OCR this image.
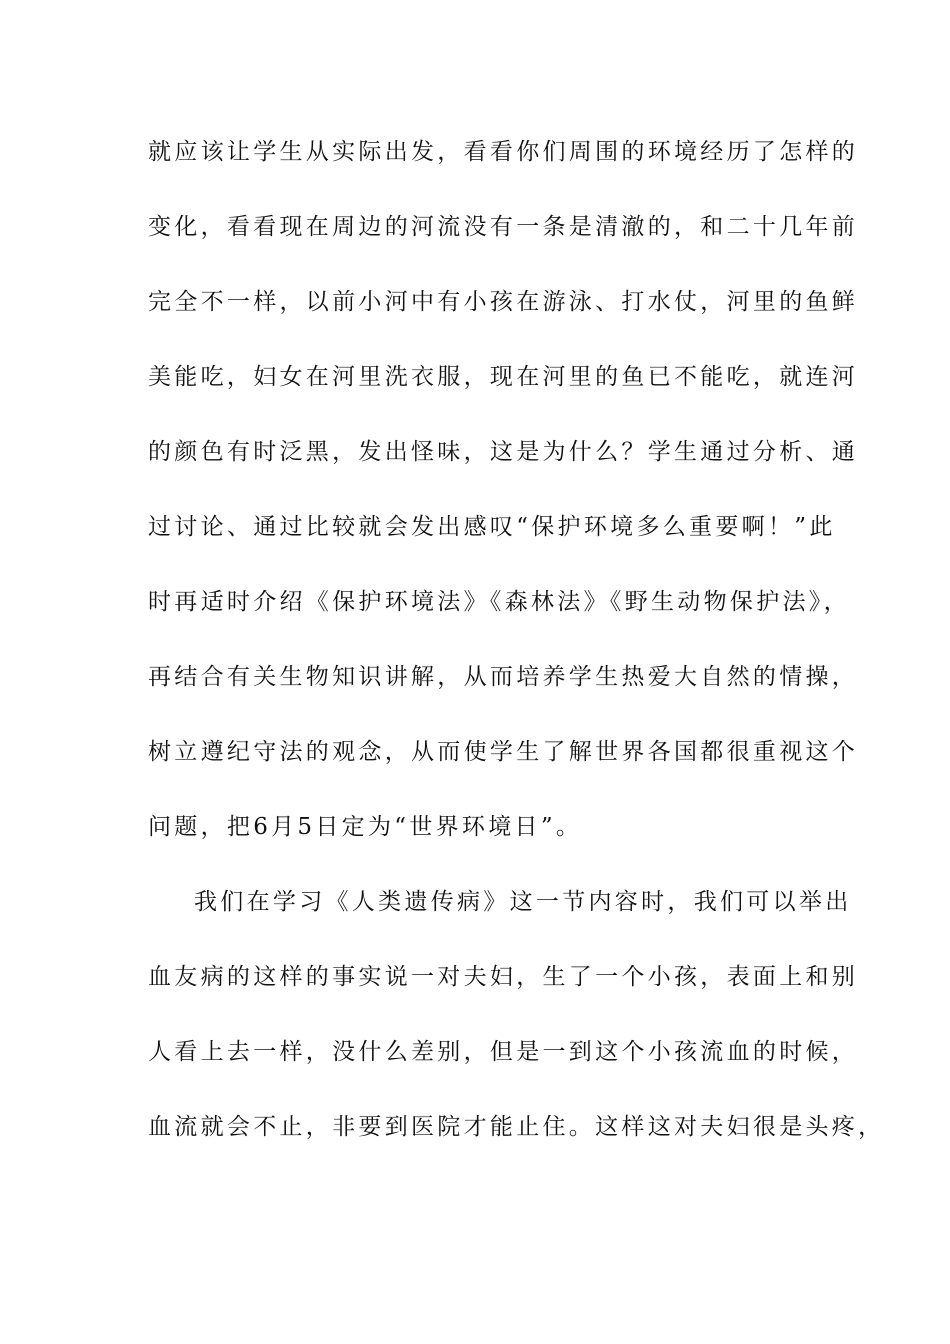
就应该让学生从实际出发，看看你们周围的环境经历了怎样的
变化，看看现在周边的河流没有一条是清澈的，和二十几年前
完全不一样，以前小河中有小孩在游泳、打水仗，河里的鱼鲜
美能吃，妇女在河里洗衣服，现在河里的鱼已不能吃，就连河
的颜色有时泛黑，发出怪味，这是为什么？学生通过分析、通
过讨论、通过比较就会发出感叹“保护环境多么重要啊！”此
时再适时介绍《保护环境法》《森林法》《野生动物保护法》，
再结合有关生物知识讲解，从而培养学生热爱大自然的情操，
树立遵纪守法的观念，从而使学生了解世界各国都很重视这个
问题，把6月5日定为“世界环境日”。
我们在学习《人类遗传病》这一节内容时，我们可以举出
血友病的这样的事实说一对夫妇，生了一个小孩，表面上和别
人看上去一样，没什么差别，但是一到这个小孩流血的时候，
血流就会不止，非要到医院才能止住。这样这对夫妇很是头疼，
